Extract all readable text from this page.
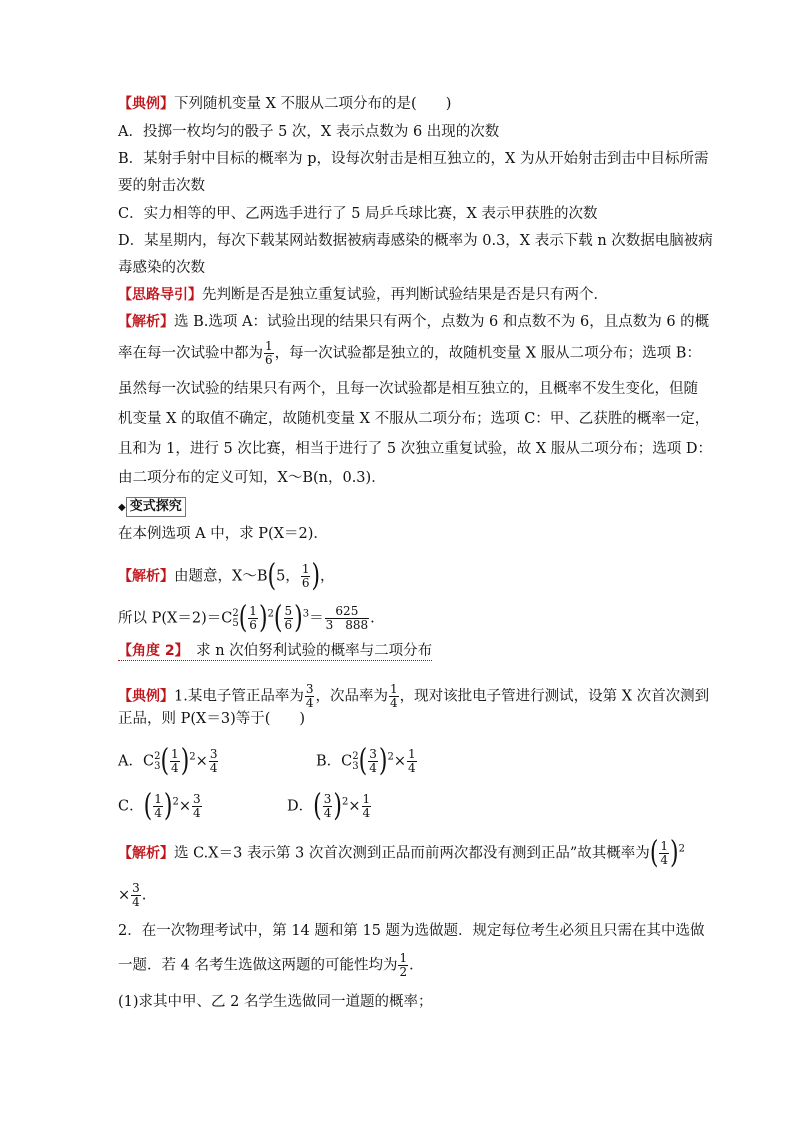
【典例】下列随机变量 X 不服从二项分布的是(　　)
A．投掷一枚均匀的骰子 5 次，X 表示点数为 6 出现的次数
B．某射手射中目标的概率为 p，设每次射击是相互独立的，X 为从开始射击到击中目标所需
要的射击次数
C．实力相等的甲、乙两选手进行了 5 局乒乓球比赛，X 表示甲获胜的次数
D．某星期内，每次下载某网站数据被病毒感染的概率为 0.3，X 表示下载 n 次数据电脑被病
毒感染的次数
【思路导引】先判断是否是独立重复试验，再判断试验结果是否是只有两个．
【解析】选 B.选项 A：试验出现的结果只有两个，点数为 6 和点数不为 6，且点数为 6 的概
率在每一次试验中都为 $\frac{1}{6}$ ，每一次试验都是独立的，故随机变量 X 服从二项分布；选项 B：
虽然每一次试验的结果只有两个，且每一次试验都是相互独立的，且概率不发生变化，但随
机变量 X 的取值不确定，故随机变量 X 不服从二项分布；选项 C：甲、乙获胜的概率一定，
且和为 1，进行 5 次比赛，相当于进行了 5 次独立重复试验，故 X 服从二项分布；选项 D：
由二项分布的定义可知，X～B(n，0.3)．
◆ 变式探究
在本例选项 A 中，求 P(X＝2)．
【解析】由题意，X～B(5， $\frac{1}{6}$ )，
所以 P(X＝2)＝C 2
5 ( $\frac{1}{6} )^2( \frac{5}{6} )^3= \frac{625}{3 888}$ .
【角度 2】　 求 n 次伯努利试验的概率与二项分布
【典例】1.某电子管正品率为 $\frac{3}{4}$ ，次品率为 $\frac{1}{4}$ ，现对该批电子管进行测试，设第 X 次首次测到
正品，则 P(X＝3)等于(　　)
A．C 2
3 ( $\frac{1}{4} )^2\times \frac{3}{4}$	B．C 2
3 ( $\frac{3}{4} )^2\times \frac{1}{4}$
C．( $\frac{1}{4} )^2\times \frac{3}{4}$	D．( $\frac{3}{4} )^2\times \frac{1}{4}$
【解析】选 C.X＝3 表示第 3 次首次测到正品而前两次都没有测到正品”故其概率为( $\frac{1}{4} )^2$
× $\frac{3}{4}$ .
2．在一次物理考试中，第 14 题和第 15 题为选做题．规定每位考生必须且只需在其中选做
一题．若 4 名考生选做这两题的可能性均为 $\frac{1}{2}$ ．
(1)求其中甲、乙 2 名学生选做同一道题的概率；
